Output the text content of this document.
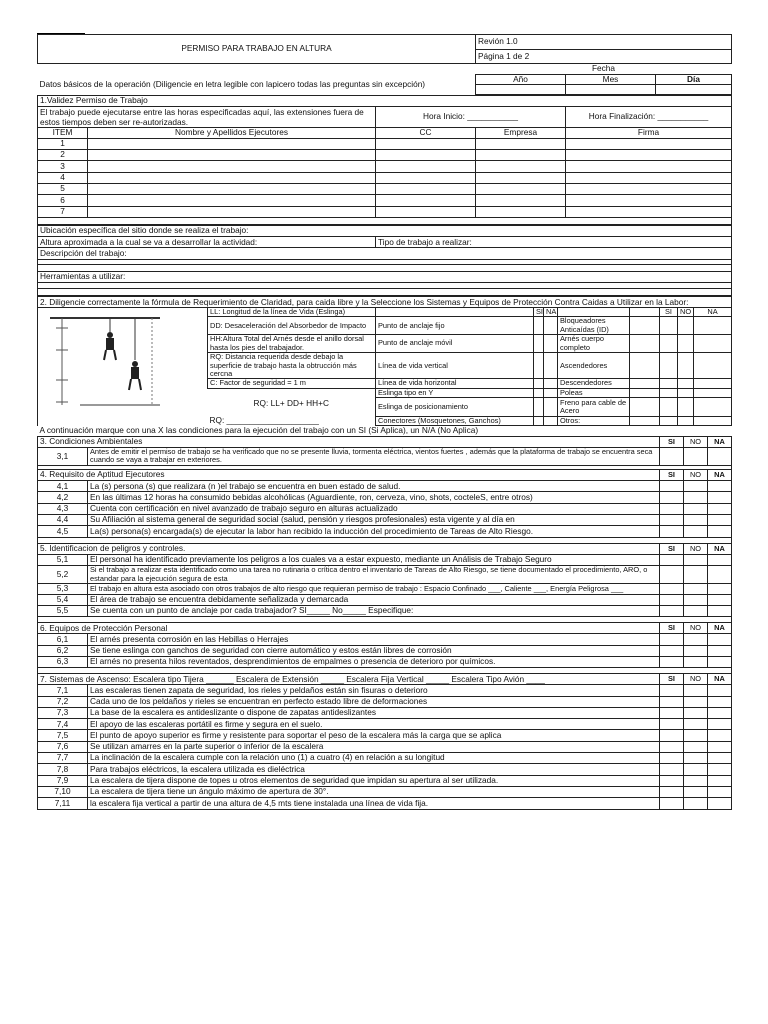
PERMISO PARA TRABAJO EN ALTURA	Revión 1.0		
	Página 1 de 2		
	Fecha		
Datos básicos de la operación (Diligencie en letra legible con lapicero todas las preguntas sin excepción)	Año	Mes	Día

1.Validez Permiso de Trabajo				
El trabajo puede ejecutarse entre las horas especificadas aquí, las extensiones fuera de estos tiempos deben ser re-autorizadas.		Hora Inicio: ___________		Hora Finalización: ___________
ITEM	Nombre y Apellidos Ejecutores	CC	Empresa	Firma
1				
2				
3				
4				
5				
6				
7				

Ubicación específica del sitio donde se realiza el trabajo:
Altura aproximada a la cual se va a desarrollar la actividad:	Tipo de trabajo a realizar:
Descripción del trabajo:

Herramientas a utilizar:

2. Diligencie correctamente la fórmula de Requerimiento de Claridad, para caida libre y la Seleccione los Sistemas y Equipos de Protección Contra Caidas a Utilizar en la Labor:									

	LL: Longitud de la línea de Vida (Eslinga)		SI	NA			SI	NO	NA
	DD: Desaceleración del Absorbedor de Impacto	Punto de anclaje fijo			Bloqueadores Anticaídas (ID)				
	HH:Altura Total del Arnés desde el anillo dorsal hasta los pies del trabajador.	Punto de anclaje móvil			Arnés cuerpo completo				
	RQ: Distancia requerida desde debajo la superficie de trabajo hasta la obtrucción más cercna	Línea de vida vertical			Ascendedores				
	C: Factor de seguridad = 1 m	Línea de vida horizontal			Descendedores				

	RQ: LL+ DD+ HH+C
RQ: ____________________	Eslinga tipo en Y			Poleas				
		Eslinga de posicionamiento			Freno para cable de Acero				
		Conectores (Mosquetones, Ganchos)			Otros:				
A continuación marque con una X las condiciones para la ejecución del trabajo con un SI (Si Aplica), un N/A (No Aplica)				
3. Condiciones Ambientales		SI	NO	NA
3,1	Antes de emitir el permiso de trabajo se ha verificado que no se presente lluvia, tormenta eléctrica, vientos fuertes , además que la plataforma de trabajo se encuentra seca cuando se vaya a trabajar en exteriores.			

4. Requisito de Aptitud Ejecutores		SI	NO	NA
4,1	La (s) persona (s) que realizara (n )el trabajo se encuentra en buen estado de salud.			
4,2	En las últimas 12 horas ha consumido bebidas alcohólicas (Aguardiente, ron, cerveza, vino, shots, cocteleS, entre otros)			
4,3	Cuenta con certificación en nivel avanzado de trabajo seguro en alturas actualizado			
4,4	Su Afiliación al sistema general de seguridad social (salud, pensión y riesgos profesionales) esta vigente y al día en			
4,5	La(s) persona(s) encargada(s) de ejecutar la labor han recibido la inducción del procedimiento de Tareas de Alto Riesgo.			

5. Identificacion de peligros y controles.		SI	NO	NA
5,1	El personal ha identificado previamente los peligros a los cuales va a estar expuesto, mediante un Análisis de Trabajo Seguro			
5,2	Si el trabajo a realizar esta identificado como una tarea no rutinaria o crítica dentro el inventario de Tareas de Alto Riesgo, se tiene documentado el procedimiento, ARO, o estandar para la ejecución segura de esta			
5,3	El trabajo en altura esta asociado con otros trabajos de alto riesgo que requieran permiso de trabajo : Espacio Confinado ___, Caliente ___, Energía Peligrosa ___			
5,4	El área de trabajo se encuentra debidamente señalizada y demarcada			
5,5	Se cuenta con un punto de anclaje por cada trabajador? SI_____ No_____ Especifique:			

6. Equipos de Protección Personal		SI	NO	NA
6,1	El arnés presenta corrosión en las Hebillas o Herrajes			
6,2	Se tiene eslinga con ganchos de seguridad con cierre automático y estos están libres de corrosión			
6,3	El arnés no presenta hilos reventados, desprendimientos de empalmes o presencia de deterioro por químicos.			

7. Sistemas de Ascenso: Escalera tipo Tijera ______ Escalera de Extensión _____ Escalera Fija Vertical _____ Escalera Tipo Avión ____		SI	NO	NA
7,1	Las escaleras tienen zapata de seguridad, los rieles y peldaños están sin fisuras o deterioro			
7,2	Cada uno de los peldaños y rieles se encuentran en perfecto estado libre de deformaciones			
7,3	La base de la escalera es antideslizante o dispone de zapatas antideslizantes			
7,4	El apoyo de las escaleras portátil es firme y segura en el suelo.			
7,5	El punto de apoyo superior es firme y resistente para soportar el peso de la escalera más la carga que se aplica			
7,6	Se utilizan amarres en la parte superior o inferior de la escalera			
7,7	La inclinación de la escalera cumple con la relación uno (1) a cuatro (4) en relación a su longitud			
7,8	Para trabajos eléctricos, la escalera utilizada es dieléctrica			
7,9	La escalera de tijera dispone de topes u otros elementos de seguridad que impidan su apertura al ser utilizada.			
7,10	La escalera de tijera tiene un ángulo máximo de apertura de 30°.			
7,11	la escalera fija vertical a partir de una altura de 4,5 mts tiene instalada una línea de vida fija.			
